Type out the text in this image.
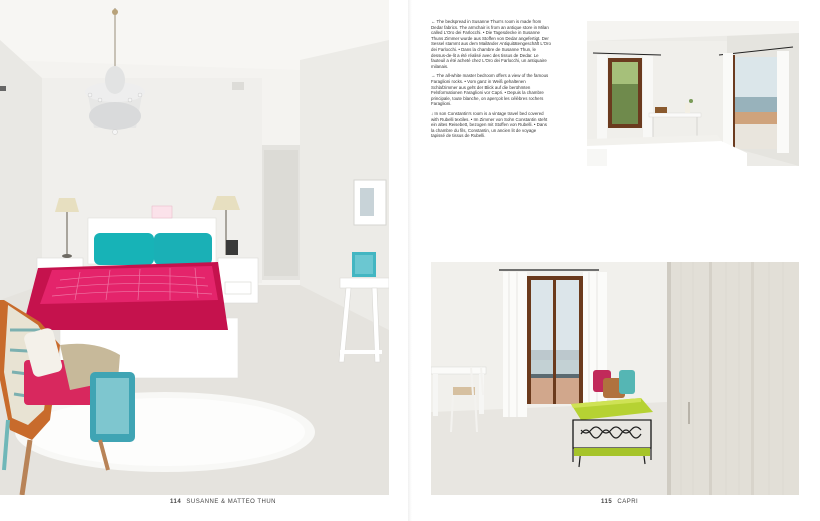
← The bedspread in Susanne Thun's room is made from Dedar fabrics. The armchair is from an antique store in Milan called L'Oro dei Farlocchi. • Die Tagesdecke in Susanne Thuns Zimmer wurde aus Stoffen von Dedar angefertigt. Der Sessel stammt aus dem Mailänder Antiquitätengeschäft L'Oro dei Farlocchi. • Dans la chambre de Susanne Thun, le dessus-de-lit a été réalisé avec des tissus de Dedar. Le fauteuil a été acheté chez L'Oro dei Farlocchi, un antiquaire milanais.

→ The all-white master bedroom offers a view of the famous Faraglioni rocks. • Vom ganz in Weiß gehaltenen Schlafzimmer aus geht der Blick auf die berühmten Felsformationen Faraglioni vor Capri. • Depuis la chambre principale, toute blanche, on aperçoit les célèbres rochers Faraglioni.

↓ In son Constantin's room is a vintage travel bed covered with Rubelli textiles. • Im Zimmer von Sohn Constantin steht ein altes Reisebett, bezogen mit Stoffen von Rubelli. • Dans la chambre du fils, Constantin, un ancien lit de voyage tapissé de tissus de Rubelli.

114 SUSANNE & MATTEO THUN	115 CAPRI
